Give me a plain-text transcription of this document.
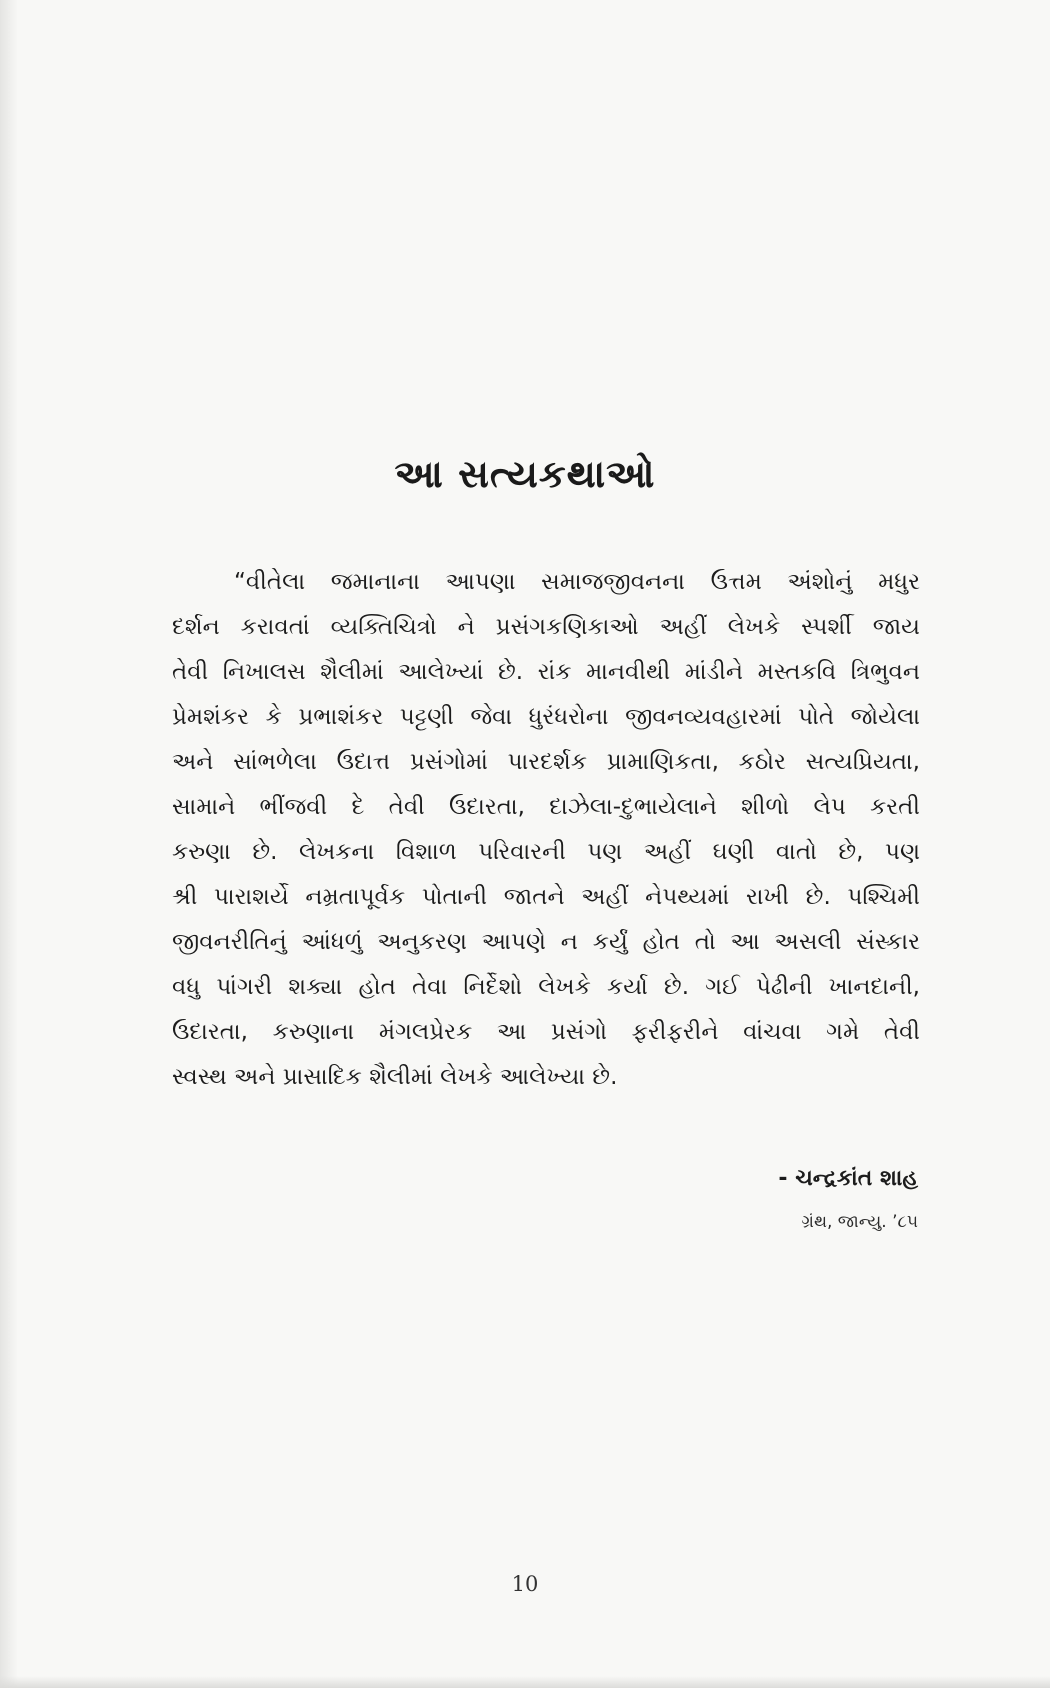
આ સત્યકથાઓ
“વીતેલા જમાનાના આપણા સમાજજીવનના ઉત્તમ અંશોનું મધુર
દર્શન કરાવતાં વ્યક્તિચિત્રો ને પ્રસંગકણિકાઓ અહીં લેખકે સ્પર્શી જાય
તેવી નિખાલસ શૈલીમાં આલેખ્યાં છે. રાંક માનવીથી માંડીને મસ્તકવિ ત્રિભુવન
પ્રેમશંકર કે પ્રભાશંકર પટ્ટણી જેવા ધુરંધરોના જીવનવ્યવહારમાં પોતે જોયેલા
અને સાંભળેલા ઉદાત્ત પ્રસંગોમાં પારદર્શક પ્રામાણિકતા, કઠોર સત્યપ્રિયતા,
સામાને ભીંજવી દે તેવી ઉદારતા, દાઝેલા-દુભાયેલાને શીળો લેપ કરતી
કરુણા છે. લેખકના વિશાળ પરિવારની પણ અહીં ઘણી વાતો છે, પણ
શ્રી પારાશર્યે નમ્રતાપૂર્વક પોતાની જાતને અહીં નેપથ્યમાં રાખી છે. પશ્ચિમી
જીવનરીતિનું આંધળું અનુકરણ આપણે ન કર્યું હોત તો આ અસલી સંસ્કાર
વધુ પાંગરી શક્યા હોત તેવા નિર્દેશો લેખકે કર્યા છે. ગઈ પેઢીની ખાનદાની,
ઉદારતા, કરુણાના મંગલપ્રેરક આ પ્રસંગો ફરીફરીને વાંચવા ગમે તેવી
સ્વસ્થ અને પ્રાસાદિક શૈલીમાં લેખકે આલેખ્યા છે.
- ચન્દ્રકાંત શાહ
ગ્રંથ, જાન્યુ. ’૮૫
10
